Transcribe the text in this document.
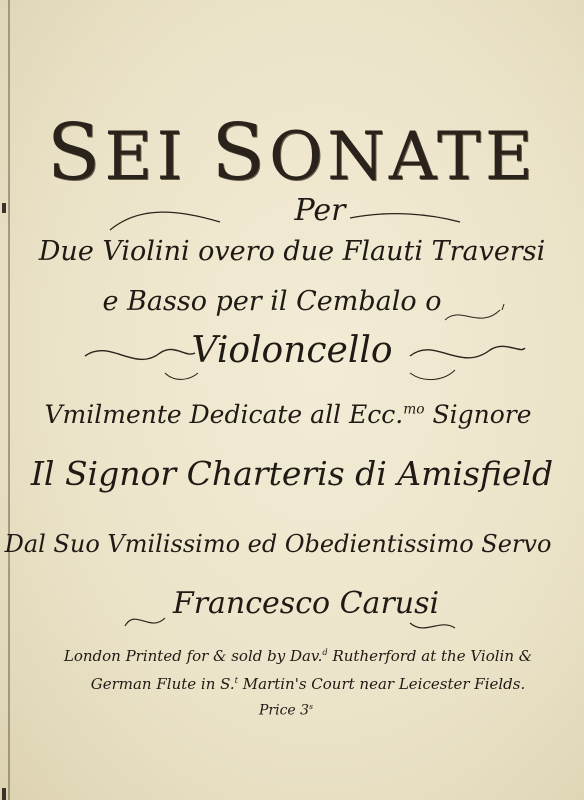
SEI SONATE
Per
Due Violini overo due Flauti Traversi
e Basso per il Cembalo o
Violoncello
Vmilmente Dedicate all Ecc.$^{mo}$ Signore
Il Signor Charteris di Amisfield
Dal Suo Vmilissimo ed Obedientissimo Servo
Francesco Carusi
London Printed for & sold by Dav.$^d$ Rutherford at the Violin &
German Flute in S.$^t$ Martin's Court near Leicester Fields.
Price 3$^s$
